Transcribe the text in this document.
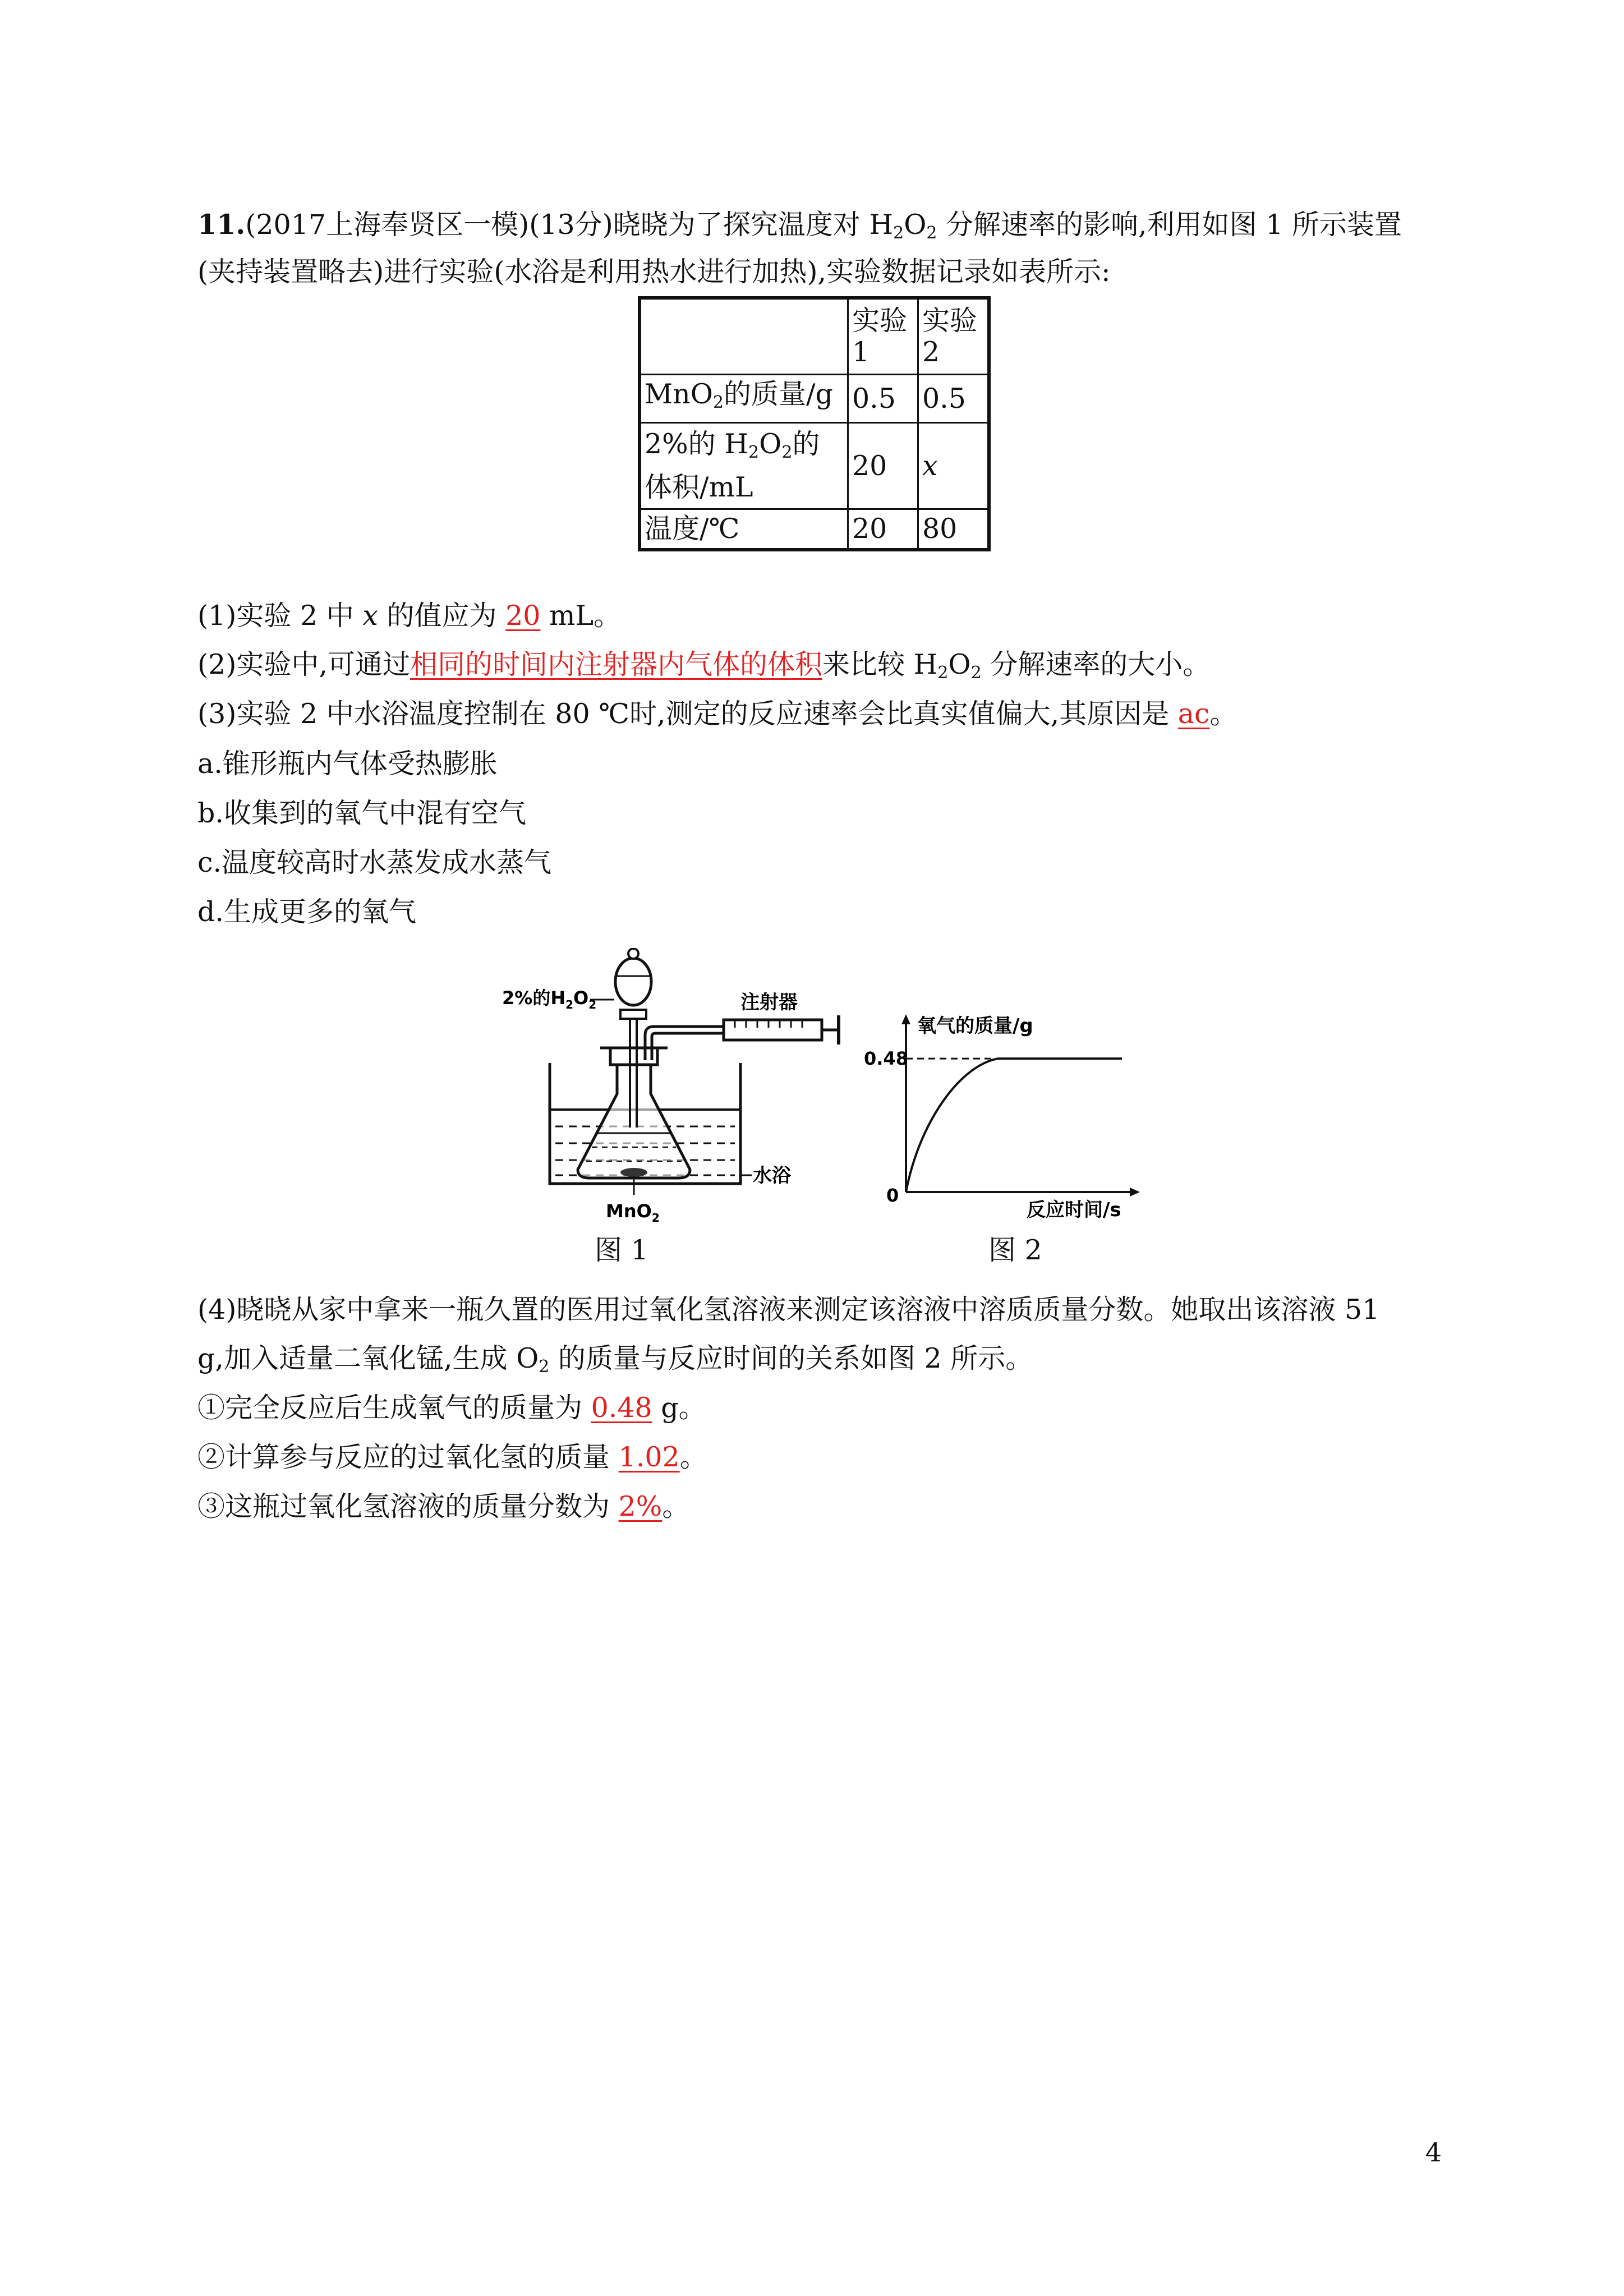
11.(2017上海奉贤区一模)(13分)晓晓为了探究温度对 $H_2O_2$ 分解速率的影响,利用如图 1 所示装置
(夹持装置略去)进行实验(水浴是利用热水进行加热),实验数据记录如表所示:
	实验1	实验2
MnO$_2$的质量/g	0.5	0.5
2%的 $H_2O_2$的体积/mL	20	x
温度/℃	20	80
(1)实验 2 中 x 的值应为 20 mL。
(2)实验中,可通过相同的时间内注射器内气体的体积来比较 $H_2O_2$ 分解速率的大小。
(3)实验 2 中水浴温度控制在 80 ℃时,测定的反应速率会比真实值偏大,其原因是 ac。
a.锥形瓶内气体受热膨胀
b.收集到的氧气中混有空气
c.温度较高时水蒸发成水蒸气
d.生成更多的氧气
2%的$H_2O_2$	注射器
水浴
MnO$_2$
氧气的质量/g
0.48
0
反应时间/s
图 1	图 2
(4)晓晓从家中拿来一瓶久置的医用过氧化氢溶液来测定该溶液中溶质质量分数。她取出该溶液 51
g,加入适量二氧化锰,生成 $O_2$ 的质量与反应时间的关系如图 2 所示。
①完全反应后生成氧气的质量为 0.48 g。
②计算参与反应的过氧化氢的质量 1.02。
③这瓶过氧化氢溶液的质量分数为 2%。
4
